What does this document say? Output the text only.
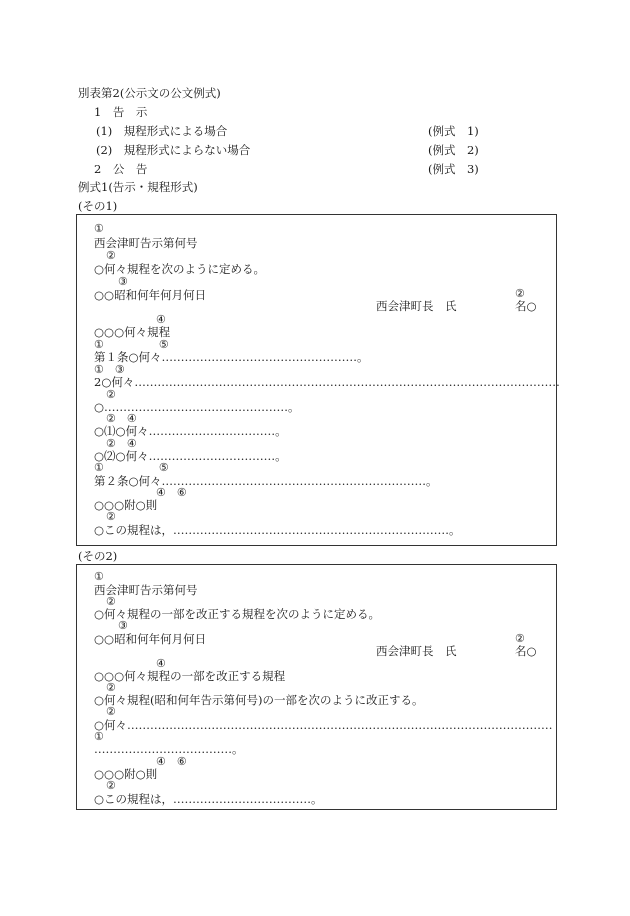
別表第2(公示文の公文例式)
1　告　示
(1)　規程形式による場合	(例式　1)
(2)　規程形式によらない場合	(例式　2)
2　公　告	(例式　3)
例式1(告示・規程形式)
(その1)
①
西会津町告示第何号
②
○何々規程を次のように定める。
③
○○昭和何年何月何日	②
西会津町長　氏	名○
④
○○○何々規程
①　　　　　⑤
第１条○何々……………………………………………。
①　③
2○何々…………………………………………………………………………………………………
②
○…………………………………………。
②　④
○⑴○何々……………………………。
②　④
○⑵○何々……………………………。
①　　　　　⑤
第２条○何々……………………………………………………………。
④　⑥
○○○附○則
②
○この規程は，………………………………………………………………。
(その2)
①
西会津町告示第何号
②
○何々規程の一部を改正する規程を次のように定める。
③
○○昭和何年何月何日	②
西会津町長　氏	名○
④
○○○何々規程の一部を改正する規程
②
○何々規程(昭和何年告示第何号)の一部を次のように改正する。
②
○何々…………………………………………………………………………………………………
①
………………………………。
④　⑥
○○○附○則
②
○この規程は，………………………………。
